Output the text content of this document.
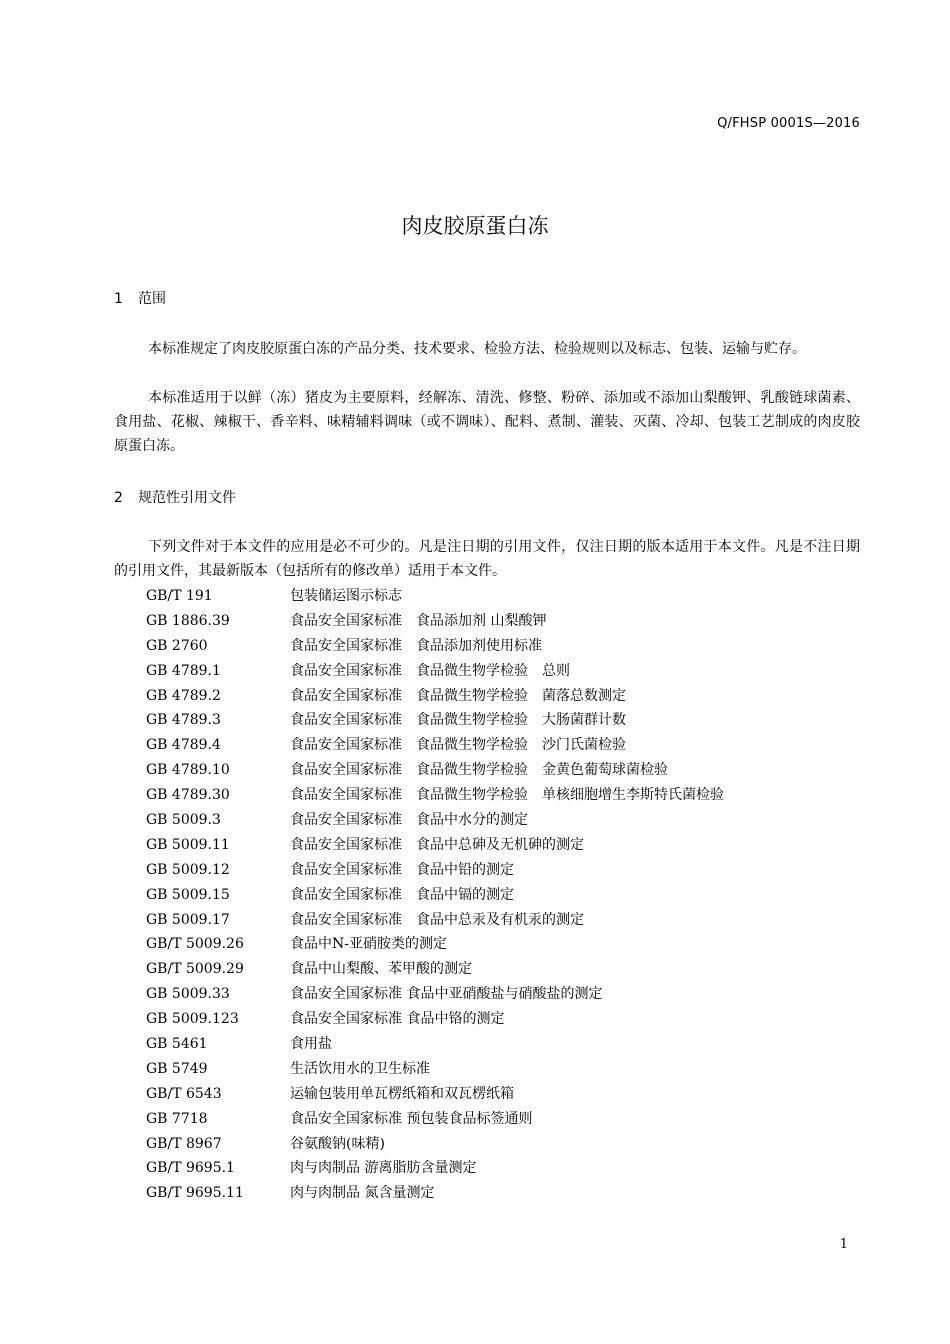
Q/FHSP 0001S—2016
肉皮胶原蛋白冻
1 范围

本标准规定了肉皮胶原蛋白冻的产品分类、技术要求、检验方法、检验规则以及标志、包装、运输与贮存。

本标准适用于以鲜（冻）猪皮为主要原料，经解冻、清洗、修整、粉碎、添加或不添加山梨酸钾、乳酸链球菌素、食用盐、花椒、辣椒干、香辛料、味精辅料调味（或不调味）、配料、煮制、灌装、灭菌、冷却、包装工艺制成的肉皮胶原蛋白冻。

2 规范性引用文件

下列文件对于本文件的应用是必不可少的。凡是注日期的引用文件，仅注日期的版本适用于本文件。凡是不注日期的引用文件，其最新版本（包括所有的修改单）适用于本文件。

GB/T 191	包装储运图示标志
GB 1886.39	食品安全国家标准　食品添加剂 山梨酸钾
GB 2760	食品安全国家标准　食品添加剂使用标准
GB 4789.1	食品安全国家标准　食品微生物学检验　总则
GB 4789.2	食品安全国家标准　食品微生物学检验　菌落总数测定
GB 4789.3	食品安全国家标准　食品微生物学检验　大肠菌群计数
GB 4789.4	食品安全国家标准　食品微生物学检验　沙门氏菌检验
GB 4789.10	食品安全国家标准　食品微生物学检验　金黄色葡萄球菌检验
GB 4789.30	食品安全国家标准　食品微生物学检验　单核细胞增生李斯特氏菌检验
GB 5009.3	食品安全国家标准　食品中水分的测定
GB 5009.11	食品安全国家标准　食品中总砷及无机砷的测定
GB 5009.12	食品安全国家标准　食品中铅的测定
GB 5009.15	食品安全国家标准　食品中镉的测定
GB 5009.17	食品安全国家标准　食品中总汞及有机汞的测定
GB/T 5009.26	食品中N-亚硝胺类的测定
GB/T 5009.29	食品中山梨酸、苯甲酸的测定
GB 5009.33	食品安全国家标准 食品中亚硝酸盐与硝酸盐的测定
GB 5009.123	食品安全国家标准 食品中铬的测定
GB 5461	食用盐
GB 5749	生活饮用水的卫生标准
GB/T 6543	运输包装用单瓦楞纸箱和双瓦楞纸箱
GB 7718	食品安全国家标准 预包装食品标签通则
GB/T 8967	谷氨酸钠(味精)
GB/T 9695.1	肉与肉制品 游离脂肪含量测定
GB/T 9695.11	肉与肉制品 氮含量测定
1
